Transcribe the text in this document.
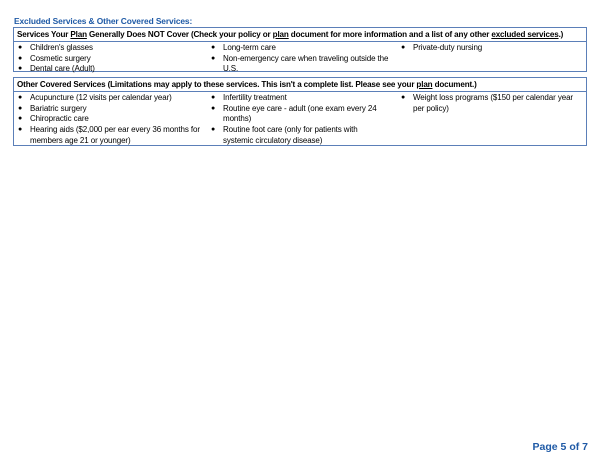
Excluded Services & Other Covered Services:
Services Your Plan Generally Does NOT Cover (Check your policy or plan document for more information and a list of any other excluded services.)
● Children's glasses
● Cosmetic surgery
● Dental care (Adult)
● Long-term care
● Non-emergency care when traveling outside the U.S.
● Private-duty nursing
Other Covered Services (Limitations may apply to these services. This isn't a complete list. Please see your plan document.)
● Acupuncture (12 visits per calendar year)
● Bariatric surgery
● Chiropractic care
● Hearing aids ($2,000 per ear every 36 months for members age 21 or younger)
● Infertility treatment
● Routine eye care - adult (one exam every 24 months)
● Routine foot care (only for patients with systemic circulatory disease)
● Weight loss programs ($150 per calendar year per policy)
Page 5 of 7
